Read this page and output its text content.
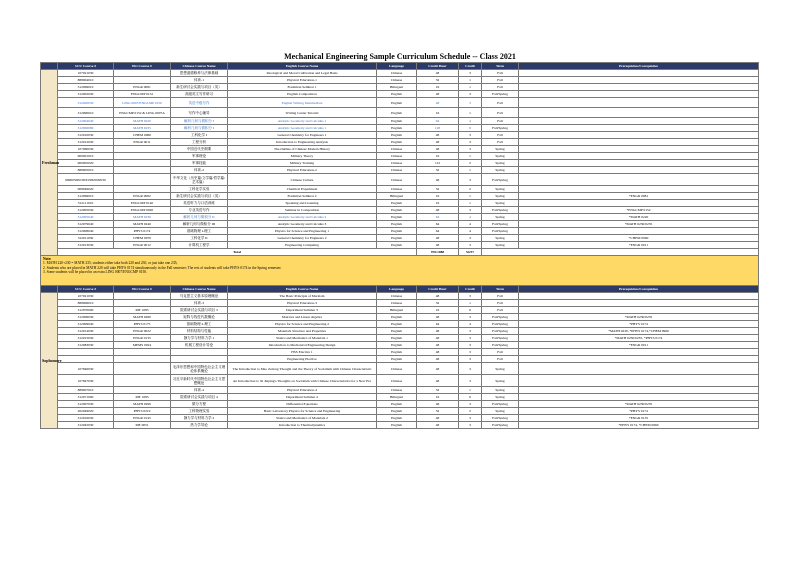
Mechanical Engineering Sample Curriculum Schedule -- Class 2021
	SCU Course #	Pitt Course #	Chinese Course Name	English Course Name	Language	Credit Hour	Credit	Term	Prerequisites/Corequisites
Freshman	107021030		思想道德修养与法律基础	Ideological and Moral Cultivation and Legal Basis	Chinese	48	3	Fall	
	888004010		体育-1	Physical Education-1	Chinese	32	1	Fall	
	312069010	ENGR 0081	新生研讨会实践与项目（英）	Freshman Seminar 1	Bilingual	16	1	Fall	
	312002030	ENGCMP 0152	高级英文写作研习	English Composition	English	48	3	Fall/Spring	
	312020030	LING 0007/ENGCMP 0150	英语中级写作	English Writing Intermediate	English	48	3	Fall	
	312090010	ENGCMP 0152 & LING 0007A	写作中心辅导	Writing Center Tutorial	English	16	1	Fall	
	312004040	MATH 0220	解析几何与微积分 I	Analytic Geometry and Calculus 1	English	64	4	Fall	
	312006080	MATH 0235	解析几何与微积分 I	Analytic Geometry and Calculus 1	English	128	8	Fall/Spring	
	312010030	CHEM 0960	工科化学 I	General Chemistry for Engineers 1	English	48	3	Fall	
	312012030	ENGR 0011	工程分析	Introduction to Engineering Analysis	English	48	3	Fall	
	107060030		中国近代史纲要	The Outline of Chinese Modern History	Chinese	48	3	Spring	
	900001010		军事理论	Military Theory	Chinese	16	1	Spring	
	900005020		军事技能	Military Training	Chinese	112	2	Spring	
	888005010		体育-2	Physical Education-2	Chinese	32	1	Spring	
	999005000/003/006/008/030		中华文化（历史篇/文学篇/哲学篇/艺术篇）	Chinese Culture	Chinese	48	3	Fall/Spring	
	908049020		工科化学实验	Chemical Experiment	Chinese	32	2	Spring	
	312069010	ENGR 0082	新生研讨会实践与项目（英）	Freshman Seminar 2	Bilingual	16	1	Spring	*ENGR 0081
	312111010	ENGCMP 0140	英语听力与口语训练	Speaking and Listening	English	16	1	Spring	
	312005030	ENGCMP 0020	专业英语写作	Seminar in Composition	English	48	3	Fall/Spring	*ENGCMP 0152
	312005040	MATH 0230	解析几何与微积分 II	Analytic Geometry and Calculus 2	English	64	4	Spring	*MATH 0220
	312079040	MATH 0240	解析几何与微积分 III	Analytic Geometry and Calculus 3	English	64	4	Fall/Spring	*MATH 0230/0235
	312008040	PHYS 0174	基础物理 I-理工	Physics for Science and Engineering 1	English	64	4	Fall/Spring	
	312011030	CHEM 0970	工科化学 II	General Chemistry for Engineers 2	English	48	3	Spring	*CHEM 0960
	312013030	ENGR 0012	计算机工程学	Engineering Computing	English	48	3	Spring	*ENGR 0011
	Total					976/1088	54/57		

Note:
1. MATH 220+230 = MATH 235, students either take both 220 and 230, or just take one 235;
2. Students who are placed in MATH 220 will take PHYS 0174 simultaneously in the Fall semester; The rest of students will take PHYS 0174 in the Spring semester;
3. Some students will be placed in an extra LING 0007/ENGCMP 0150.									

	SCU Course #	Pitt Course #	Chinese Course Name	English Course Name	Language	Credit Hour	Credit	Term	Prerequisites/Corequisites
Sophomore	107021030		马克思主义基本原理概论	The Basic Principle of Marxism	Chinese	48	3	Fall	
	888006010		体育-3	Physical Education-3	Chinese	32	1	Fall	
	312070000	ME 1085	院系研讨会实践与项目 3	Department Seminar 3	Bilingual	16	0	Fall	
	312006030	MATH 0280	矩阵与线性代数概论	Matrices and Linear Algebra	English	48	3	Fall/Spring	*MATH 0230/0235
	312009040	PHYS 0175	基础物理 2-理工	Physics for Science and Engineering 2	English	64	4	Fall/Spring	*PHYS 0174
	312014030	ENGR 0022	材料结构与性能	Materials Structure and Properties	English	48	3	Fall/Spring	*MATH 0230, *PHYS 0174,*CHEM 0960
	312015030	ENGR 0135	静力学与材料力学 1	Statics and Mechanics of Materials 1	English	48	3	Fall/Spring	*MATH 0230/0235, *PHYS 0174
	312083030	MEMS 0024	机械工程设计导论	Introduction to Mechanical Engineering Design	English	48	3	Fall/Spring	*ENGR 0011
				HSS Elective 1	English	48	3	Fall	
				Engineering Elective	English	48	3	Fall	
	107846030		毛泽东思想和中国特色社会主义理论体系概论	The Introduction to Mao Zedong Thought and the Theory of Socialism with Chinese Characteristic	Chinese	48	3	Spring	
	107847030		习近平新时代中国特色社会主义思想概论	An Introduction to Xi Jinping's Thoughts on Socialism with Chinese Characteristics for a New Era	Chinese	48	3	Spring	
	888007010		体育-4	Physical Education-4	Chinese	32	1	Spring	
	312071000	ME 1085	院系研讨会实践与项目 4	Department Seminar 4	Bilingual	16	0	Spring	
	312007030	MATH 0290	微分方程	Differential Equations	English	48	3	Fall/Spring	*MATH 0230/0235
	202049020	PHYS 0219	工科物理实验	Basic Laboratory Physics for Science and Engineering	English	32	2	Spring	*PHYS 0174
	312016030	ENGR 0145	静力学与材料力学 2	Statics and Mechanics of Materials 2	English	48	3	Fall/Spring	*ENGR 0135
	312045030	ME 0051	热力学导论	Introduction to Thermodynamics	English	48	3	Fall/Spring	*PHYS 0174, *CHEM 0960
